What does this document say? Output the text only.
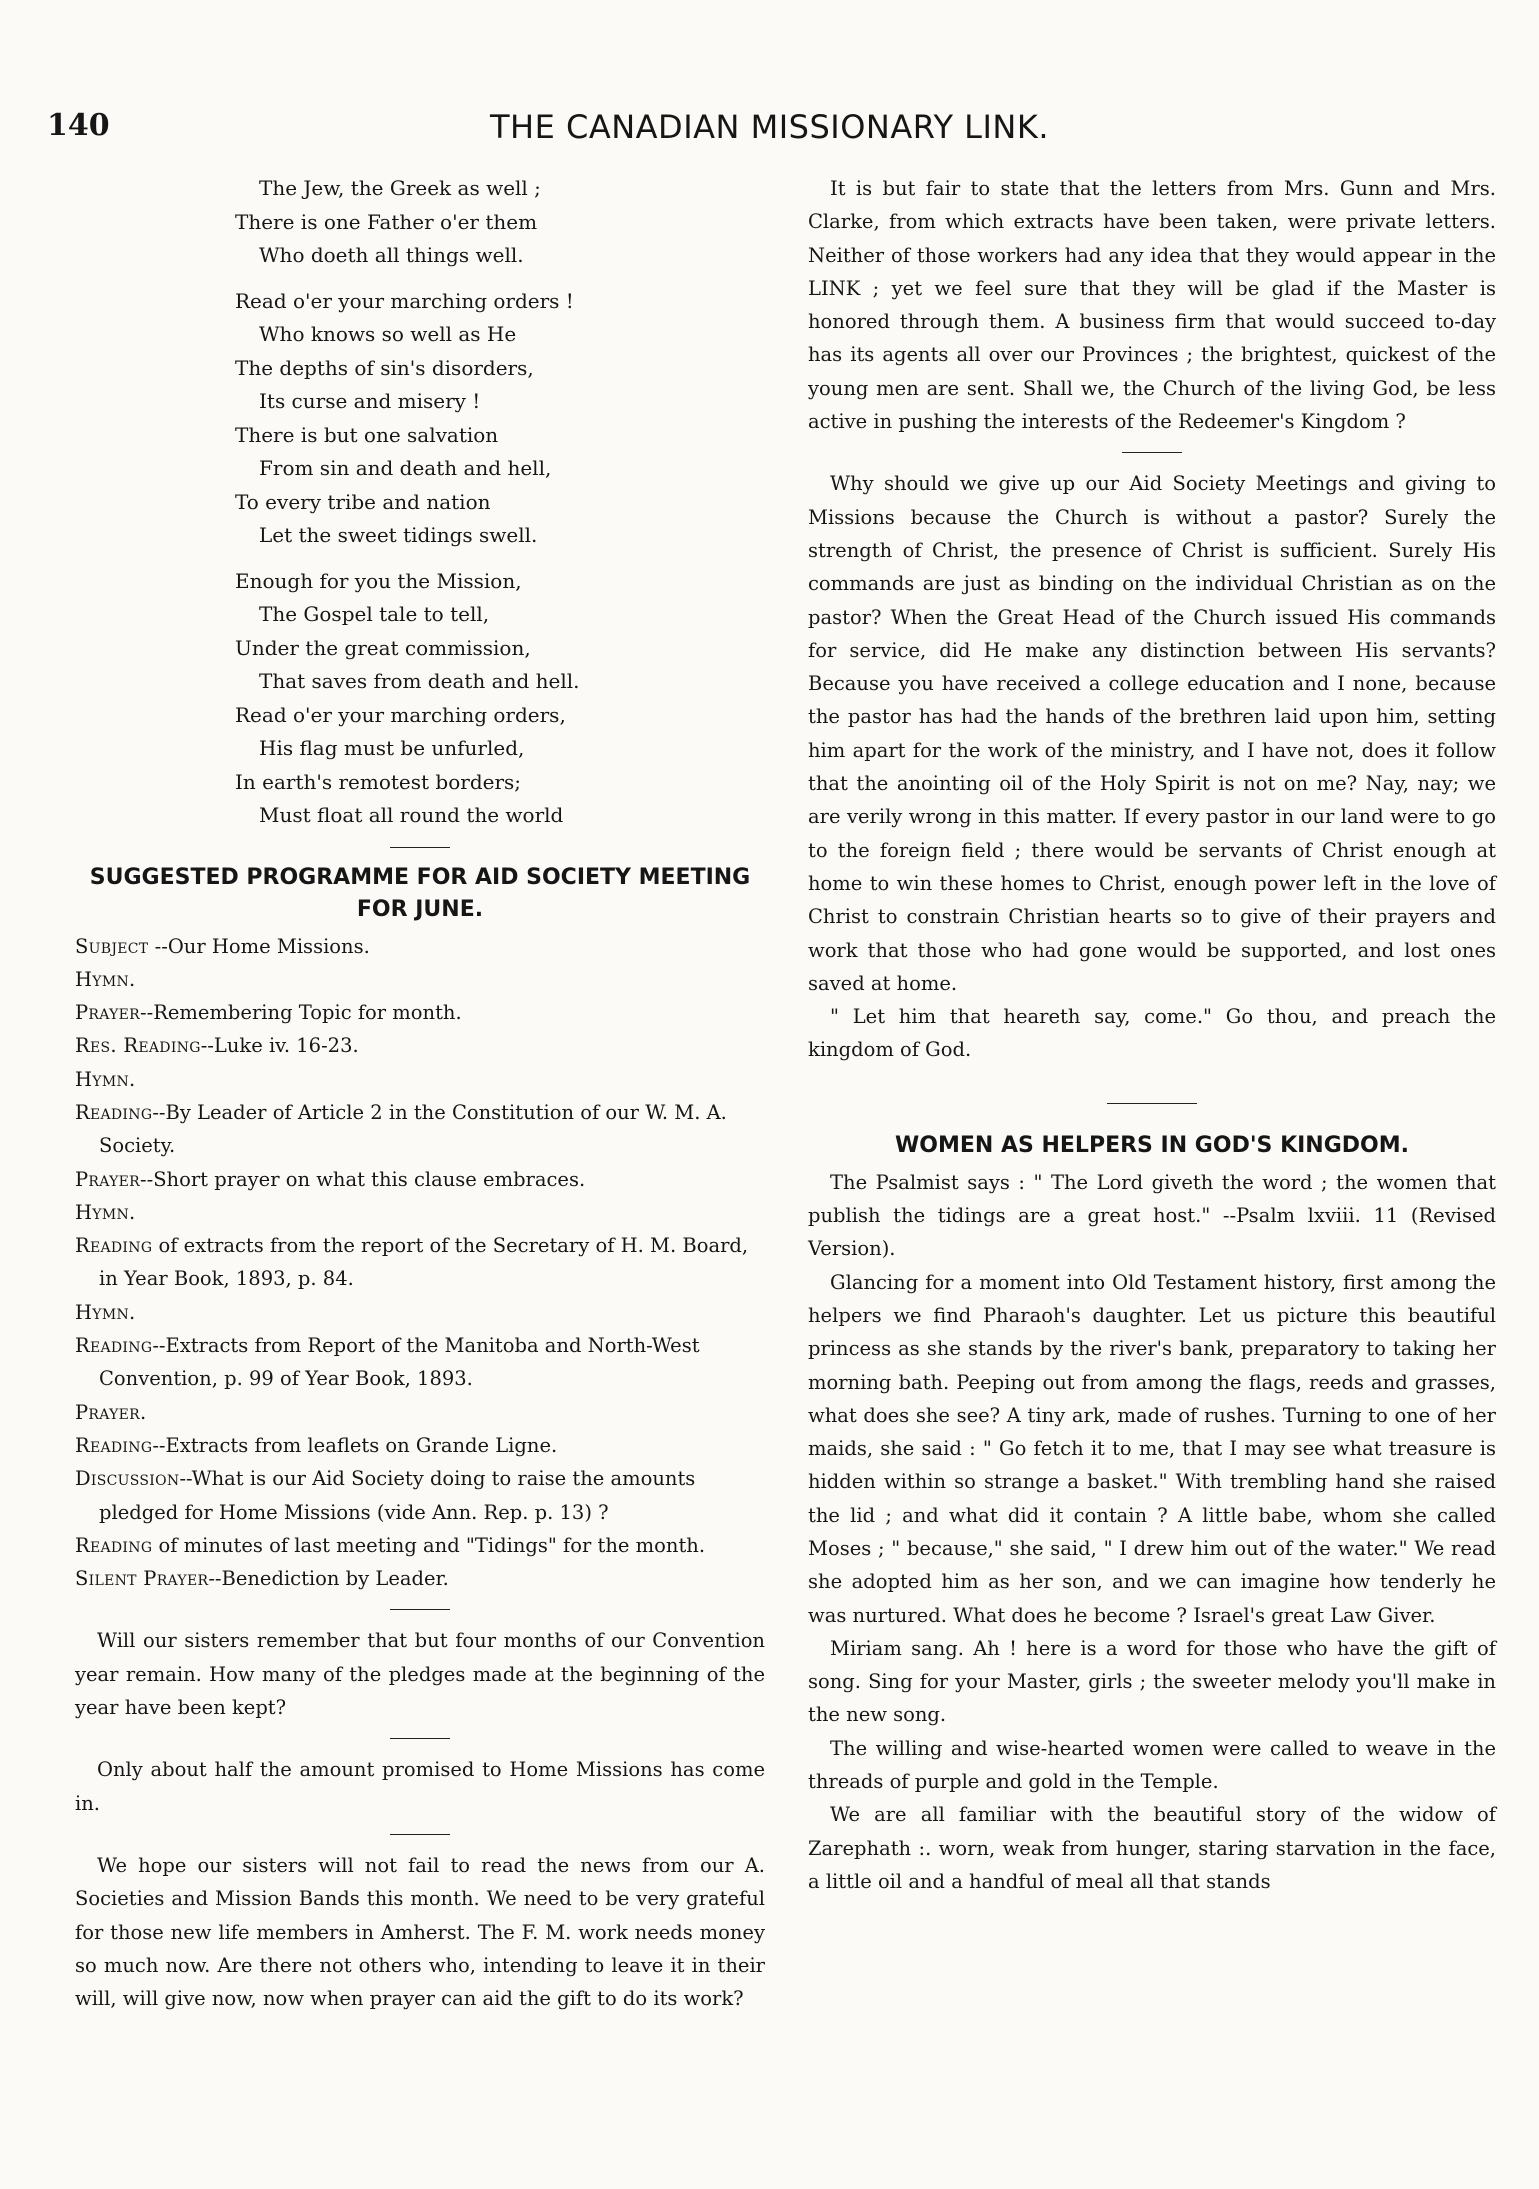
140	THE CANADIAN MISSIONARY LINK.
The Jew, the Greek as well ;
There is one Father o'er them
Who doeth all things well.
Read o'er your marching orders !
Who knows so well as He
The depths of sin's disorders,
Its curse and misery !
There is but one salvation
From sin and death and hell,
To every tribe and nation
Let the sweet tidings swell.
Enough for you the Mission,
The Gospel tale to tell,
Under the great commission,
That saves from death and hell.
Read o'er your marching orders,
His flag must be unfurled,
In earth's remotest borders;
Must float all round the world
SUGGESTED PROGRAMME FOR AID SOCIETY MEETING FOR JUNE.
Subject --Our Home Missions.
Hymn.
Prayer--Remembering Topic for month.
Res. Reading--Luke iv. 16-23.
Hymn.
Reading--By Leader of Article 2 in the Constitution of our W. M. A. Society.
Prayer--Short prayer on what this clause embraces.
Hymn.
Reading of extracts from the report of the Secretary of H. M. Board, in Year Book, 1893, p. 84.
Hymn.
Reading--Extracts from Report of the Manitoba and North-West Convention, p. 99 of Year Book, 1893.
Prayer.
Reading--Extracts from leaflets on Grande Ligne.
Discussion--What is our Aid Society doing to raise the amounts pledged for Home Missions (vide Ann. Rep. p. 13) ?
Reading of minutes of last meeting and "Tidings" for the month.
Silent Prayer--Benediction by Leader.

Will our sisters remember that but four months of our Convention year remain. How many of the pledges made at the beginning of the year have been kept?

Only about half the amount promised to Home Missions has come in.

We hope our sisters will not fail to read the news from our A. Societies and Mission Bands this month. We need to be very grateful for those new life members in Amherst. The F. M. work needs money so much now. Are there not others who, intending to leave it in their will, will give now, now when prayer can aid the gift to do its work?

It is but fair to state that the letters from Mrs. Gunn and Mrs. Clarke, from which extracts have been taken, were private letters. Neither of those workers had any idea that they would appear in the LINK ; yet we feel sure that they will be glad if the Master is honored through them. A business firm that would succeed to-day has its agents all over our Provinces ; the brightest, quickest of the young men are sent. Shall we, the Church of the living God, be less active in pushing the interests of the Redeemer's Kingdom ?

Why should we give up our Aid Society Meetings and giving to Missions because the Church is without a pastor? Surely the strength of Christ, the presence of Christ is sufficient. Surely His commands are just as binding on the individual Christian as on the pastor? When the Great Head of the Church issued His commands for service, did He make any distinction between His servants? Because you have received a college education and I none, because the pastor has had the hands of the brethren laid upon him, setting him apart for the work of the ministry, and I have not, does it follow that the anointing oil of the Holy Spirit is not on me? Nay, nay; we are verily wrong in this matter. If every pastor in our land were to go to the foreign field ; there would be servants of Christ enough at home to win these homes to Christ, enough power left in the love of Christ to constrain Christian hearts so to give of their prayers and work that those who had gone would be supported, and lost ones saved at home.

" Let him that heareth say, come." Go thou, and preach the kingdom of God.

WOMEN AS HELPERS IN GOD'S KINGDOM.

The Psalmist says : " The Lord giveth the word ; the women that publish the tidings are a great host." --Psalm lxviii. 11 (Revised Version).

Glancing for a moment into Old Testament history, first among the helpers we find Pharaoh's daughter. Let us picture this beautiful princess as she stands by the river's bank, preparatory to taking her morning bath. Peeping out from among the flags, reeds and grasses, what does she see? A tiny ark, made of rushes. Turning to one of her maids, she said : " Go fetch it to me, that I may see what treasure is hidden within so strange a basket." With trembling hand she raised the lid ; and what did it contain ? A little babe, whom she called Moses ; " because," she said, " I drew him out of the water." We read she adopted him as her son, and we can imagine how tenderly he was nurtured. What does he become ? Israel's great Law Giver.

Miriam sang. Ah ! here is a word for those who have the gift of song. Sing for your Master, girls ; the sweeter melody you'll make in the new song.

The willing and wise-hearted women were called to weave in the threads of purple and gold in the Temple.

We are all familiar with the beautiful story of the widow of Zarephath :. worn, weak from hunger, staring starvation in the face, a little oil and a handful of meal all that stands
